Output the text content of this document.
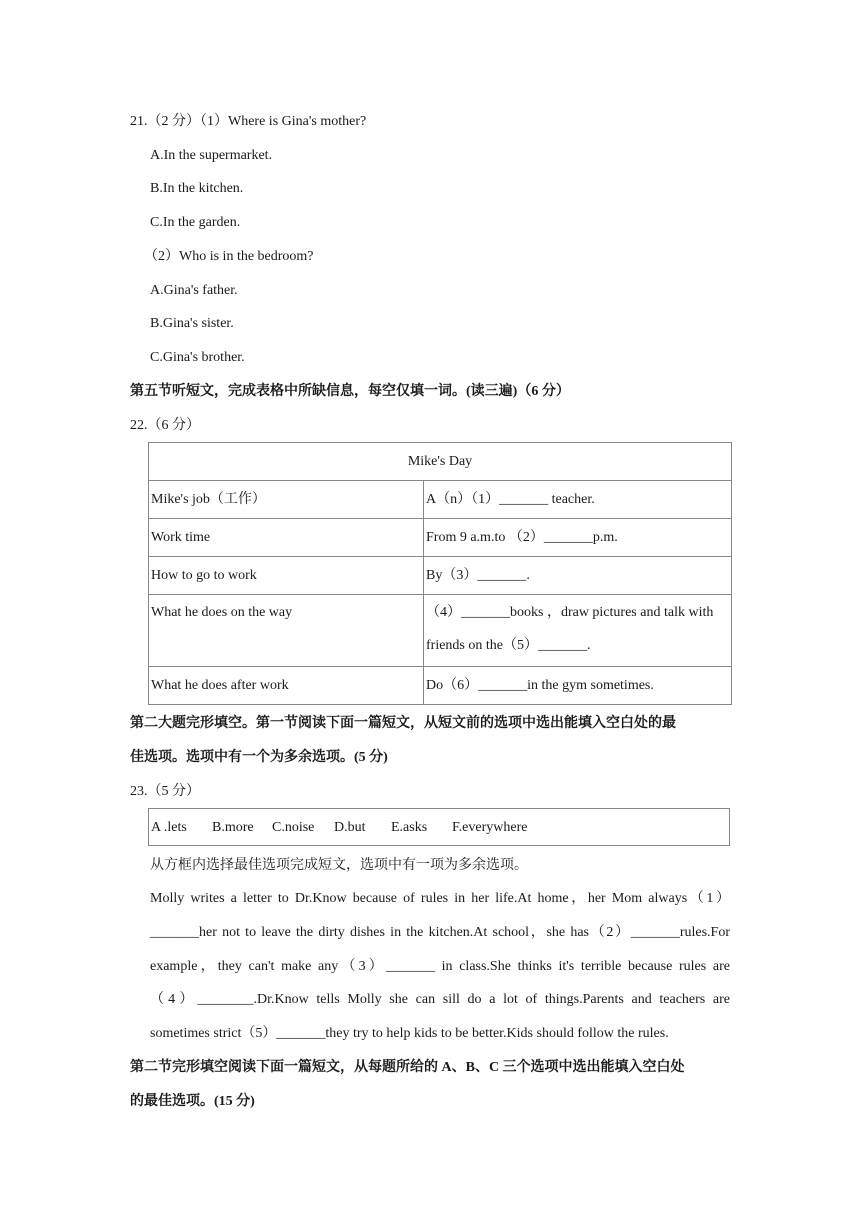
21.（2 分）（1）Where is Gina's mother?
A.In the supermarket.
B.In the kitchen.
C.In the garden.
（2）Who is in the bedroom?
A.Gina's father.
B.Gina's sister.
C.Gina's brother.
第五节听短文，完成表格中所缺信息，每空仅填一词。(读三遍)（6 分）
22.（6 分）
Mike's Day	
Mike's job（工作）	A（n）（1）_______ teacher.
Work time	From 9 a.m.to （2）_______p.m.
How to go to work	By（3）_______.
What he does on the way	（4）_______books ，draw pictures and talk with
friends on the（5）_______.

What he does after work	Do（6）_______in the gym sometimes.
第二大题完形填空。第一节阅读下面一篇短文，从短文前的选项中选出能填入空白处的最
佳选项。选项中有一个为多余选项。(5 分)
23.（5 分）
A .lets B.more C.noise D.but E.asks F.everywhere
从方框内选择最佳选项完成短文，选项中有一项为多余选项。
Molly writes a letter to Dr.Know because of rules in her life.At home，her Mom always（1）
_______her not to leave the dirty dishes in the kitchen.At school，she has（2）_______rules.For
example，they can't make any（3）_______ in class.She thinks it's terrible because rules are
（4）________.Dr.Know tells Molly she can sill do a lot of things.Parents and teachers are
sometimes strict（5）_______they try to help kids to be better.Kids should follow the rules.
第二节完形填空阅读下面一篇短文，从每题所给的 A、B、C 三个选项中选出能填入空白处
的最佳选项。(15 分)
